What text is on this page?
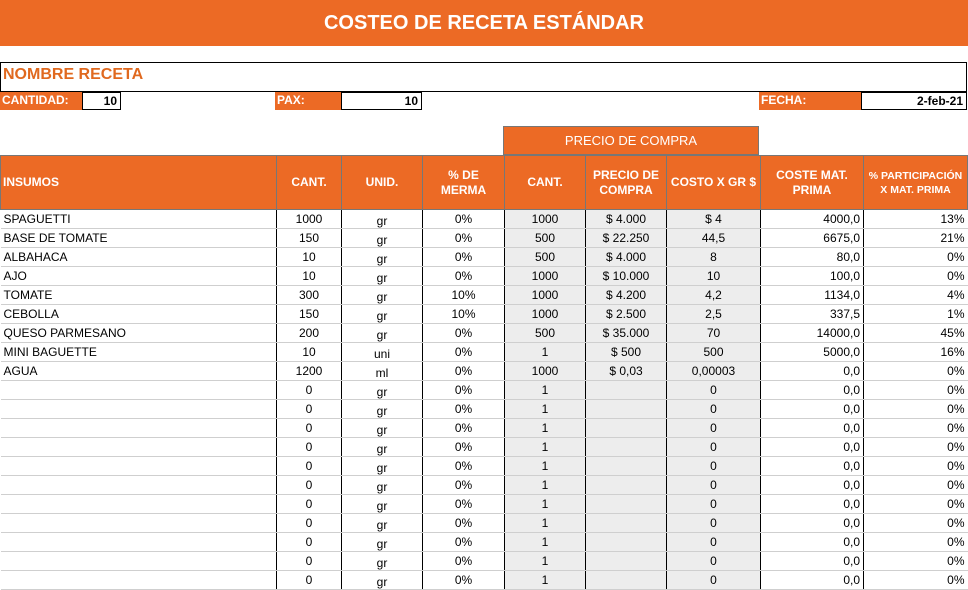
COSTEO DE RECETA ESTÁNDAR
NOMBRE RECETA
CANTIDAD:	10	PAX:	10	FECHA:	2-feb-21
PRECIO DE COMPRA
INSUMOS	CANT.	UNID.	% DE MERMA	CANT.	PRECIO DE COMPRA	COSTO X GR $	COSTE MAT. PRIMA	% PARTICIPACIÓN X MAT. PRIMA
SPAGUETTI	1000	gr	0%	1000	$ 4.000	$ 4	4000,0	13%
BASE DE TOMATE	150	gr	0%	500	$ 22.250	44,5	6675,0	21%
ALBAHACA	10	gr	0%	500	$ 4.000	8	80,0	0%
AJO	10	gr	0%	1000	$ 10.000	10	100,0	0%
TOMATE	300	gr	10%	1000	$ 4.200	4,2	1134,0	4%
CEBOLLA	150	gr	10%	1000	$ 2.500	2,5	337,5	1%
QUESO PARMESANO	200	gr	0%	500	$ 35.000	70	14000,0	45%
MINI BAGUETTE	10	uni	0%	1	$ 500	500	5000,0	16%
AGUA	1200	ml	0%	1000	$ 0,03	0,00003	0,0	0%
	0	gr	0%	1		0	0,0	0%
	0	gr	0%	1		0	0,0	0%
	0	gr	0%	1		0	0,0	0%
	0	gr	0%	1		0	0,0	0%
	0	gr	0%	1		0	0,0	0%
	0	gr	0%	1		0	0,0	0%
	0	gr	0%	1		0	0,0	0%
	0	gr	0%	1		0	0,0	0%
	0	gr	0%	1		0	0,0	0%
	0	gr	0%	1		0	0,0	0%
	0	gr	0%	1		0	0,0	0%
